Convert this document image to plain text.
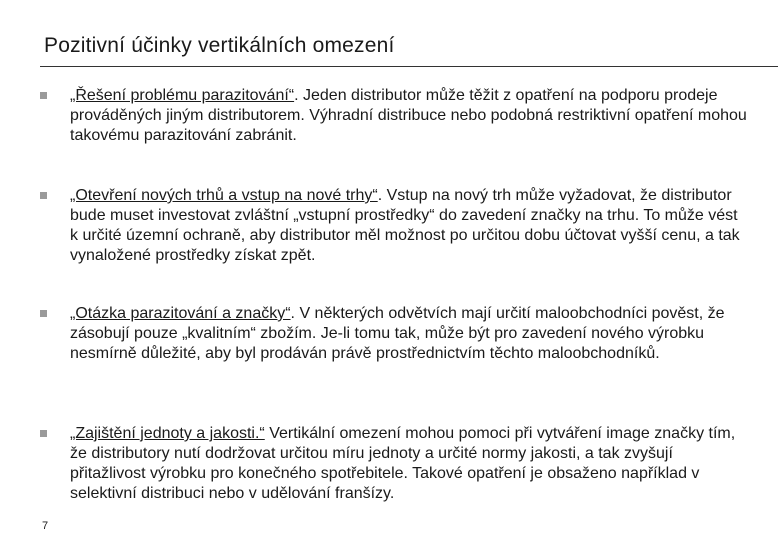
Pozitivní účinky vertikálních omezení
„Řešení problému parazitování“. Jeden distributor může těžit z opatření na podporu prodeje prováděných jiným distributorem. Výhradní distribuce nebo podobná restriktivní opatření mohou takovému parazitování zabránit.
„Otevření nových trhů a vstup na nové trhy“. Vstup na nový trh může vyžadovat, že distributor bude muset investovat zvláštní „vstupní prostředky“ do zavedení značky na trhu. To může vést k určité územní ochraně, aby distributor měl možnost po určitou dobu účtovat vyšší cenu, a tak vynaložené prostředky získat zpět.
„Otázka parazitování a značky“. V některých odvětvích mají určití maloobchodníci pověst, že zásobují pouze „kvalitním“ zbožím. Je-li tomu tak, může být pro zavedení nového výrobku nesmírně důležité, aby byl prodáván právě prostřednictvím těchto maloobchodníků.
„Zajištění jednoty a jakosti.“ Vertikální omezení mohou pomoci při vytváření image značky tím, že distributory nutí dodržovat určitou míru jednoty a určité normy jakosti, a tak zvyšují přitažlivost výrobku pro konečného spotřebitele. Takové opatření je obsaženo například v selektivní distribuci nebo v udělování franšízy.
7
